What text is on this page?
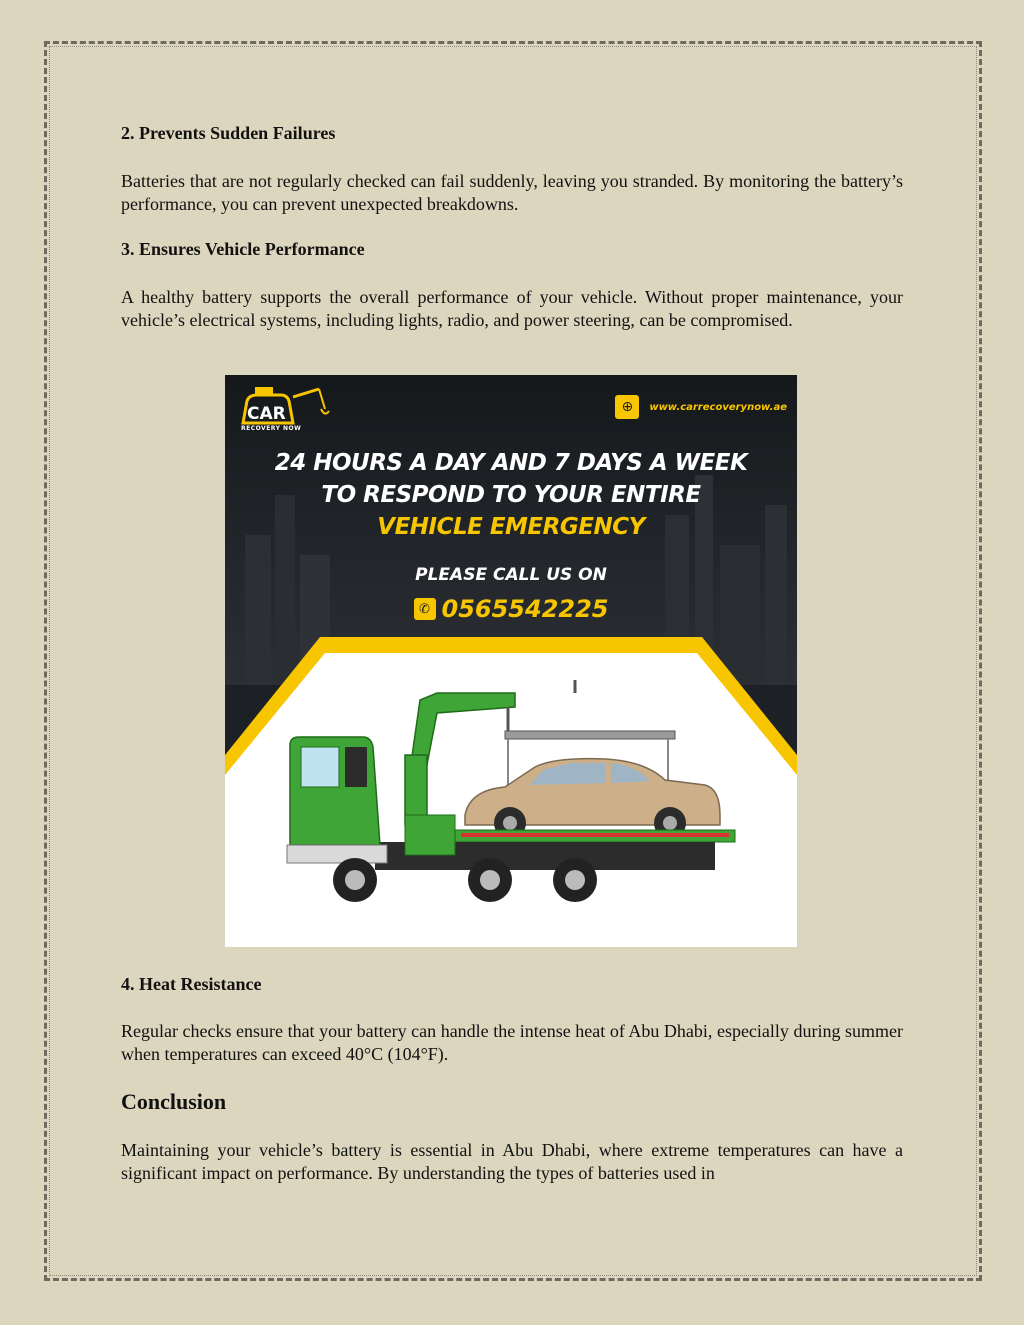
2. Prevents Sudden Failures

Batteries that are not regularly checked can fail suddenly, leaving you stranded. By monitoring the battery’s performance, you can prevent unexpected breakdowns.

3. Ensures Vehicle Performance

A healthy battery supports the overall performance of your vehicle. Without proper maintenance, your vehicle’s electrical systems, including lights, radio, and power steering, can be compromised.

CAR
RECOVERY NOW
⊕	www.carrecoverynow.ae
24 HOURS A DAY AND 7 DAYS A WEEK
TO RESPOND TO YOUR ENTIRE
VEHICLE EMERGENCY
PLEASE CALL US ON
✆ 0565542225
4. Heat Resistance

Regular checks ensure that your battery can handle the intense heat of Abu Dhabi, especially during summer when temperatures can exceed 40°C (104°F).

Conclusion

Maintaining your vehicle’s battery is essential in Abu Dhabi, where extreme temperatures can have a significant impact on performance. By understanding the types of batteries used in
